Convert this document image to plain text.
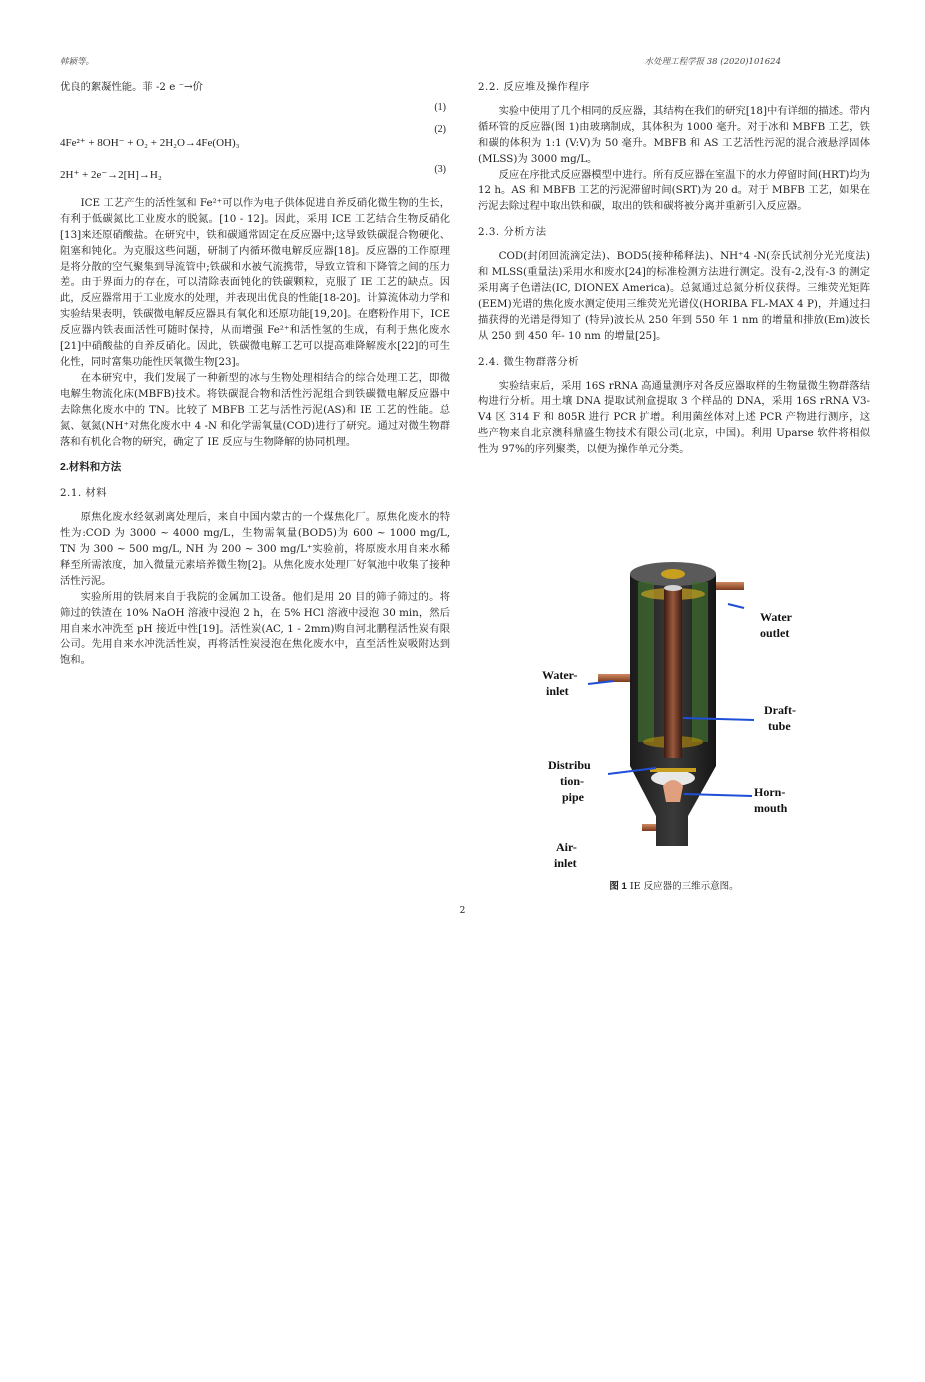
韩颖等。	水处理工程学报 38 (2020)101624

优良的絮凝性能。菲 -2 e ⁻→价

(1)
(2)
4Fe²⁺ + 8OH⁻ + O₂ + 2H₂O→4Fe(OH)₃
(3)
2H⁺ + 2e⁻→2[H]→H₂

ICE 工艺产生的活性氢和 Fe²⁺可以作为电子供体促进自养反硝化微生物的生长，有利于低碳氮比工业废水的脱氮。[10 - 12]。因此，采用 ICE 工艺结合生物反硝化[13]来还原硝酸盐。在研究中，铁和碳通常固定在反应器中;这导致铁碳混合物硬化、阻塞和钝化。为克服这些问题，研制了内循环微电解反应器[18]。反应器的工作原理是将分散的空气聚集到导流管中;铁碳和水被气流携带，导致立管和下降管之间的压力差。由于界面力的存在，可以清除表面钝化的铁碳颗粒，克服了 IE 工艺的缺点。因此，反应器常用于工业废水的处理，并表现出优良的性能[18-20]。计算流体动力学和实验结果表明，铁碳微电解反应器具有氧化和还原功能[19,20]。在磨粉作用下，ICE 反应器内铁表面活性可随时保持，从而增强 Fe²⁺和活性氢的生成，有利于焦化废水[21]中硝酸盐的自养反硝化。因此，铁碳微电解工艺可以提高难降解废水[22]的可生化性，同时富集功能性厌氧微生物[23]。

在本研究中，我们发展了一种新型的冰与生物处理相结合的综合处理工艺，即微电解生物流化床(MBFB)技术。将铁碳混合物和活性污泥组合到铁碳微电解反应器中去除焦化废水中的 TN。比较了 MBFB 工艺与活性污泥(AS)和 IE 工艺的性能。总氮、氨氮(NH⁺对焦化废水中 4 -N 和化学需氧量(COD)进行了研究。通过对微生物群落和有机化合物的研究，确定了 IE 反应与生物降解的协同机理。

2.材料和方法
2.1. 材料

原焦化废水经氨剥离处理后，来自中国内蒙古的一个煤焦化厂。原焦化废水的特性为:COD 为 3000 ~ 4000 mg/L，生物需氧量(BOD5)为 600 ~ 1000 mg/L, TN 为 300 ~ 500 mg/L, NH 为 200 ~ 300 mg/L⁺实验前，将原废水用自来水稀释至所需浓度，加入微量元素培养微生物[2]。从焦化废水处理厂好氧池中收集了接种活性污泥。

实验所用的铁屑来自于我院的金属加工设备。他们是用 20 目的筛子筛过的。将筛过的铁渣在 10% NaOH 溶液中浸泡 2 h，在 5% HCl 溶液中浸泡 30 min，然后用自来水冲洗至 pH 接近中性[19]。活性炭(AC, 1 - 2mm)购自河北鹏程活性炭有限公司。先用自来水冲洗活性炭，再将活性炭浸泡在焦化废水中，直至活性炭吸附达到饱和。

2.2. 反应堆及操作程序

实验中使用了几个相同的反应器，其结构在我们的研究[18]中有详细的描述。带内循环管的反应器(图 1)由玻璃制成，其体积为 1000 毫升。对于冰和 MBFB 工艺，铁和碳的体积为 1:1 (V:V)为 50 毫升。MBFB 和 AS 工艺活性污泥的混合液悬浮固体(MLSS)为 3000 mg/L。

反应在序批式反应器模型中进行。所有反应器在室温下的水力停留时间(HRT)均为 12 h。AS 和 MBFB 工艺的污泥滞留时间(SRT)为 20 d。对于 MBFB 工艺，如果在污泥去除过程中取出铁和碳，取出的铁和碳将被分离并重新引入反应器。

2.3. 分析方法

COD(封闭回流滴定法)、BOD5(接种稀释法)、NH⁺4 -N(奈氏试剂分光光度法)和 MLSS(重量法)采用水和废水[24]的标准检测方法进行测定。没有-2,没有-3 的测定采用离子色谱法(IC, DIONEX America)。总氮通过总氮分析仪获得。三维荧光矩阵(EEM)光谱的焦化废水测定使用三维荧光光谱仪(HORIBA FL-MAX 4 P)，并通过扫描获得的光谱是得知了 (特异)波长从 250 年到 550 年 1 nm 的增量和排放(Em)波长从 250 到 450 年- 10 nm 的增量[25]。

2.4. 微生物群落分析

实验结束后，采用 16S rRNA 高通量测序对各反应器取样的生物量微生物群落结构进行分析。用土壤 DNA 提取试剂盒提取 3 个样品的 DNA，采用 16S rRNA V3-V4 区 314 F 和 805R 进行 PCR 扩增。利用菌丝体对上述 PCR 产物进行测序，这些产物来自北京澳科鼎盛生物技术有限公司(北京，中国)。利用 Uparse 软件将相似性为 97%的序列聚类，以便为操作单元分类。

Water
outlet
Water-
inlet
Draft-
tube
Distribu
tion-
pipe	Horn-
mouth
Air-
inlet
图 1 IE 反应器的三维示意图。
2
